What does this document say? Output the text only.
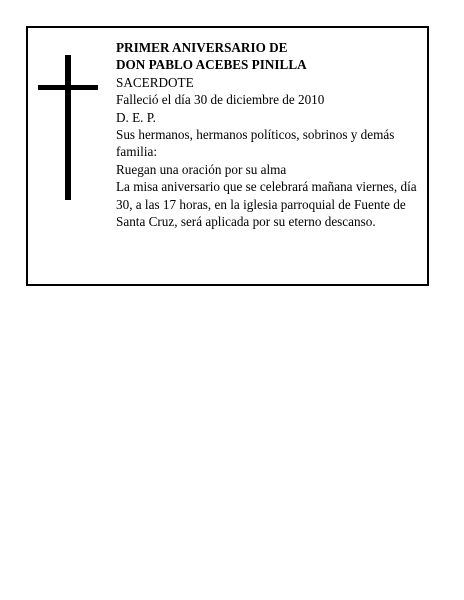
PRIMER ANIVERSARIO DE
DON PABLO ACEBES PINILLA
SACERDOTE
Falleció el día 30 de diciembre de 2010
D. E. P.
Sus hermanos, hermanos políticos, sobrinos y demás familia:
Ruegan una oración por su alma
La misa aniversario que se celebrará mañana viernes, día 30, a las 17 horas, en la iglesia parroquial de Fuente de Santa Cruz, será aplicada por su eterno descanso.
